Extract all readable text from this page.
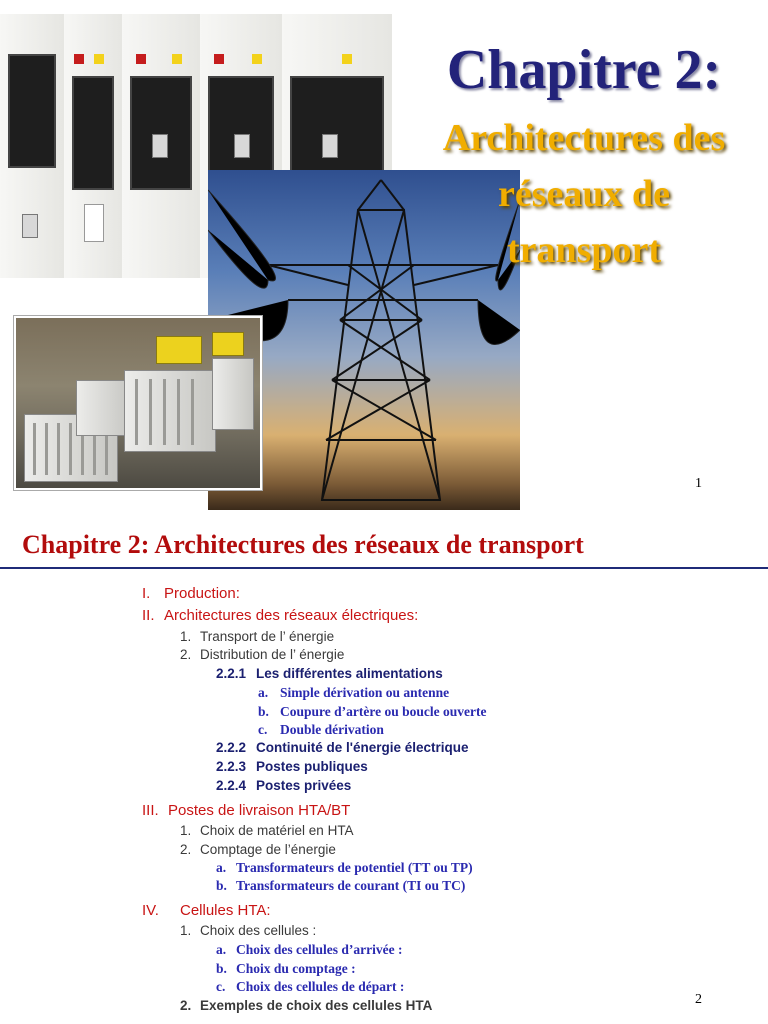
Chapitre 2:
Architectures des
réseaux de
transport
1
Chapitre 2: Architectures des réseaux de transport
I. Production:
II. Architectures des réseaux électriques:
1. Transport de l’ énergie
2. Distribution de l’ énergie
2.2.1 Les différentes alimentations
a. Simple dérivation ou antenne
b. Coupure d’artère ou boucle ouverte
c. Double dérivation
2.2.2 Continuité de l'énergie électrique
2.2.3 Postes publiques
2.2.4 Postes privées
III. Postes de livraison HTA/BT
1. Choix de matériel en HTA
2. Comptage de l’énergie
a. Transformateurs de potentiel (TT ou TP)
b. Transformateurs de courant (TI ou TC)
IV. Cellules HTA:
1. Choix des cellules :
a. Choix des cellules d’arrivée :
b. Choix du comptage :
c. Choix des cellules de départ :
2. Exemples de choix des cellules HTA	2
